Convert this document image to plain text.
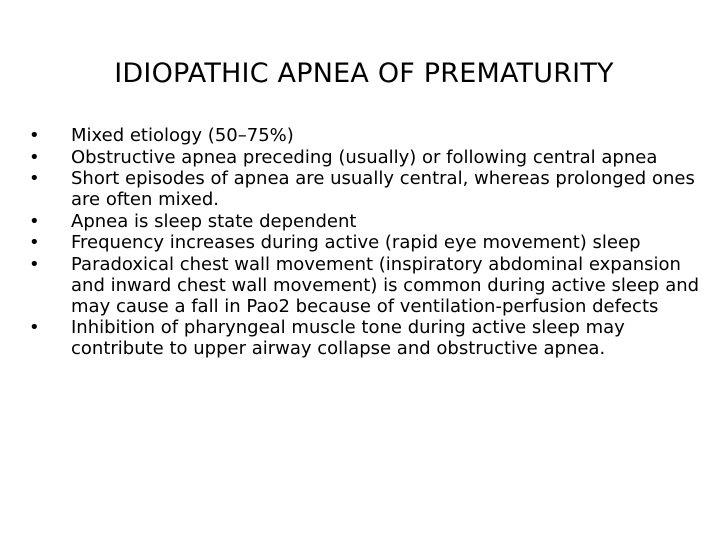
IDIOPATHIC APNEA OF PREMATURITY
• Mixed etiology (50–75%)
• Obstructive apnea preceding (usually) or following central apnea
• Short episodes of apnea are usually central, whereas prolonged ones are often mixed.
• Apnea is sleep state dependent
• Frequency increases during active (rapid eye movement) sleep
• Paradoxical chest wall movement (inspiratory abdominal expansion and inward chest wall movement) is common during active sleep and may cause a fall in Pao2 because of ventilation-perfusion defects
• Inhibition of pharyngeal muscle tone during active sleep may contribute to upper airway collapse and obstructive apnea.
